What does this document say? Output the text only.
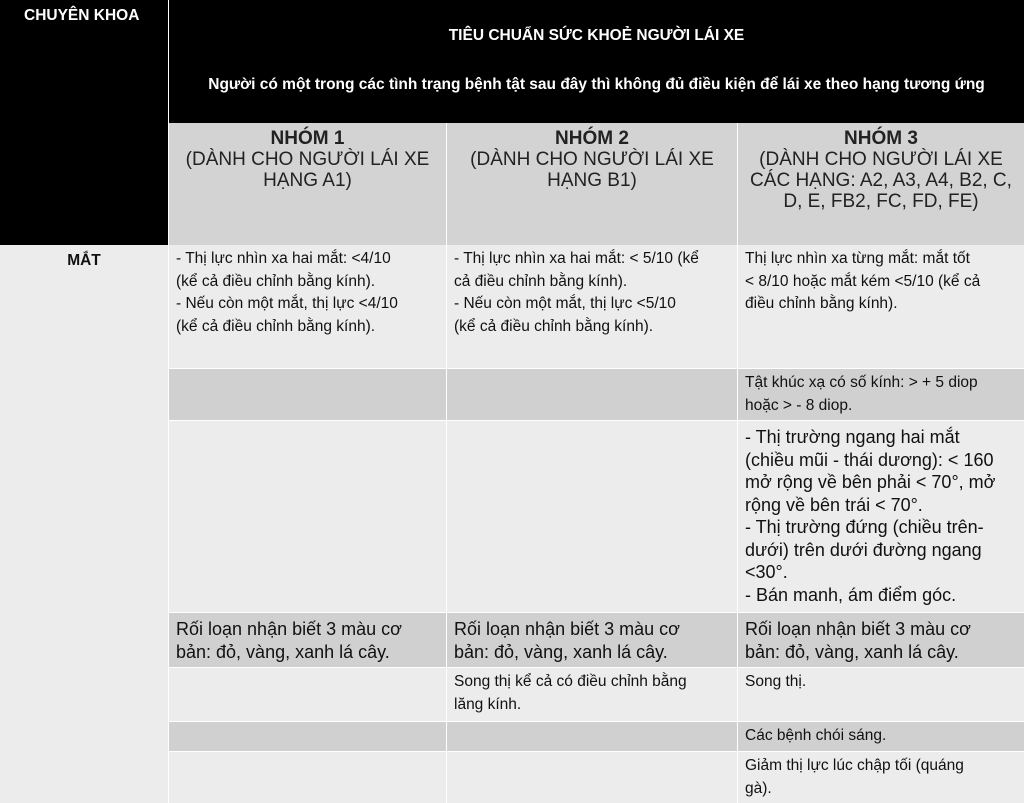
CHUYÊN KHOA
TIÊU CHUẨN SỨC KHOẺ NGƯỜI LÁI XE
Người có một trong các tình trạng bệnh tật sau đây thì không đủ điều kiện để lái xe theo hạng tương ứng
NHÓM 1
(DÀNH CHO NGƯỜI LÁI XE
HẠNG A1)
NHÓM 2
(DÀNH CHO NGƯỜI LÁI XE
HẠNG B1)
NHÓM 3
(DÀNH CHO NGƯỜI LÁI XE
CÁC HẠNG: A2, A3, A4, B2, C,
D, E, FB2, FC, FD, FE)
MẮT	- Thị lực nhìn xa hai mắt: <4/10
(kể cả điều chỉnh bằng kính).
- Nếu còn một mắt, thị lực <4/10
(kể cả điều chỉnh bằng kính).
- Thị lực nhìn xa hai mắt: < 5/10 (kể
cả điều chỉnh bằng kính).
- Nếu còn một mắt, thị lực <5/10
(kể cả điều chỉnh bằng kính).
Thị lực nhìn xa từng mắt: mắt tốt
< 8/10 hoặc mắt kém <5/10 (kể cả
điều chỉnh bằng kính).
Tật khúc xạ có số kính: > + 5 diop
hoặc > - 8 diop.
- Thị trường ngang hai mắt
(chiều mũi - thái dương): < 160
mở rộng về bên phải < 70°, mở
rộng về bên trái < 70°.
- Thị trường đứng (chiều trên-
dưới) trên dưới đường ngang
<30°.
- Bán manh, ám điểm góc.
Rối loạn nhận biết 3 màu cơ
bản: đỏ, vàng, xanh lá cây.
Rối loạn nhận biết 3 màu cơ
bản: đỏ, vàng, xanh lá cây.
Rối loạn nhận biết 3 màu cơ
bản: đỏ, vàng, xanh lá cây.
Song thị kể cả có điều chỉnh bằng
lăng kính.
Song thị.
Các bệnh chói sáng.
Giảm thị lực lúc chập tối (quáng
gà).
